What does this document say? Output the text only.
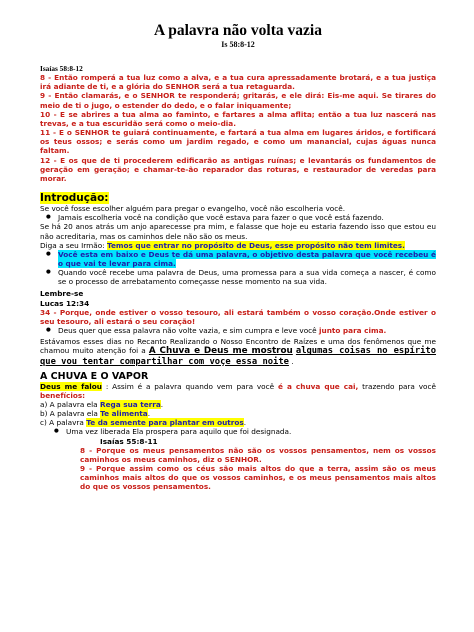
A palavra não volta vazia
Is 58:8-12
Isaías 58:8-12
8 - Então romperá a tua luz como a alva, e a tua cura apressadamente brotará, e a tua justiça irá adiante de ti, e a glória do SENHOR será a tua retaguarda.
9 - Então clamarás, e o SENHOR te responderá; gritarás, e ele dirá: Eis-me aqui. Se tirares do meio de ti o jugo, o estender do dedo, e o falar iniquamente;
10 - E se abrires a tua alma ao faminto, e fartares a alma aflita; então a tua luz nascerá nas trevas, e a tua escuridão será como o meio-dia.
11 - E o SENHOR te guiará continuamente, e fartará a tua alma em lugares áridos, e fortificará os teus ossos; e serás como um jardim regado, e como um manancial, cujas águas nunca faltam.
12 - E os que de ti procederem edificarão as antigas ruínas; e levantarás os fundamentos de geração em geração; e chamar-te-ão reparador das roturas, e restaurador de veredas para morar.
Introdução:
Se você fosse escolher alguém para pregar o evangelho, você não escolheria você.
● Jamais escolheria você na condição que você estava para fazer o que você está fazendo.
Se há 20 anos atrás um anjo aparecesse pra mim, e falasse que hoje eu estaria fazendo isso que estou eu não acreditaria, mas os caminhos dele não são os meus.
Diga a seu Irmão: Temos que entrar no propósito de Deus, esse propósito não tem limites.
● Você esta em baixo e Deus te dá uma palavra, o objetivo desta palavra que você recebeu é o que vai te levar para cima.
● Quando você recebe uma palavra de Deus, uma promessa para a sua vida começa a nascer, é como se o processo de arrebatamento começasse nesse momento na sua vida.
Lembre-se
Lucas 12:34
34 - Porque, onde estiver o vosso tesouro, ali estará também o vosso coração.Onde estiver o seu tesouro, ali estará o seu coração!
● Deus quer que essa palavra não volte vazia, e sim cumpra e leve você junto para cima.
Estávamos esses dias no Recanto Realizando o Nosso Encontro de Raízes e uma dos fenômenos que me chamou muito atenção foi a A Chuva e Deus me mostrou algumas coisas no espírito que vou tentar compartilhar com voçe essa noite .
A CHUVA E O VAPOR
Deus me falou : Assim é a palavra quando vem para você é a chuva que cai, trazendo para você benefícios:
a) A palavra ela Rega sua terra.
b) A palavra ela Te alimenta.
c) A palavra Te da semente para plantar em outros.
● Uma vez liberada Ela prospera para aquilo que foi designada.
Isaías 55:8-11
8 - Porque os meus pensamentos não são os vossos pensamentos, nem os vossos caminhos os meus caminhos, diz o SENHOR.
9 - Porque assim como os céus são mais altos do que a terra, assim são os meus caminhos mais altos do que os vossos caminhos, e os meus pensamentos mais altos do que os vossos pensamentos.
